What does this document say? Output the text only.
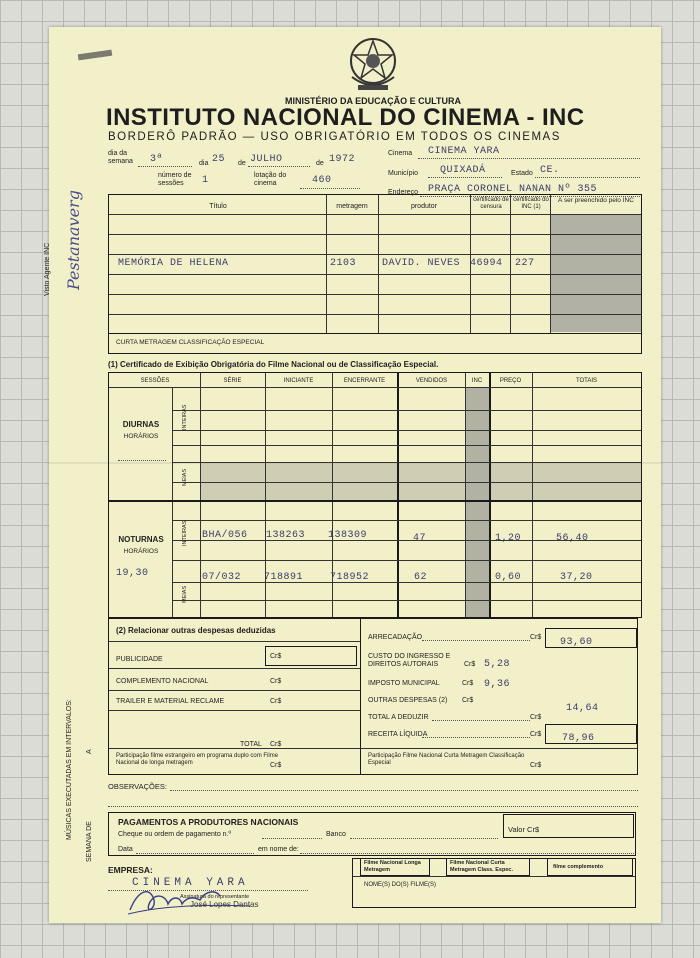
MINISTÉRIO DA EDUCAÇÃO E CULTURA
INSTITUTO NACIONAL DO CINEMA - INC
BORDERÔ PADRÃO — USO OBRIGATÓRIO EM TODOS OS CINEMAS
dia da semana	3ª	dia 25 de JULHO	de 1972
número de sessões	1	lotação do cinema	460
Cinema CINEMA YARA
Município QUIXADÁ	Estado CE.
Endereço PRAÇA CORONEL NANAN Nº 355
Visto Agente INC Pestanaverg
MÚSICAS EXECUTADAS EM INTERVALOS:
SEMANA DE
A
Título	metragem	produtor
certificado de censura
certificado do INC (1)
A ser preenchido pelo INC
MEMÓRIA DE HELENA	2103	DAVID. NEVES 46994 227
CURTA METRAGEM CLASSIFICAÇÃO ESPECIAL
(1) Certificado de Exibição Obrigatória do Filme Nacional ou de Classificação Especial.
SESSÕES	SÉRIE	INICIANTE	ENCERRANTE	VENDIDOS	INC	PREÇO	TOTAIS
DIURNAS
HORÁRIOS
INTEIRAS
MEIAS
NOTURNAS
HORÁRIOS
19,30
INTEIRAS
MEIAS
BHA/056 138263 138309	47	1,20	56,40
07/032 718891	718952	62	0,60	37,20
(2) Relacionar outras despesas deduzidas
PUBLICIDADE	Cr$
COMPLEMENTO NACIONAL	Cr$
TRAILER E MATERIAL RECLAME	Cr$
TOTAL Cr$
ARRECADAÇÃO	Cr$ 93,60
CUSTO DO INGRESSO E DIREITOS AUTORAIS	Cr$ 5,28
IMPOSTO MUNICIPAL	Cr$ 9,36
OUTRAS DESPESAS (2) Cr$
TOTAL A DEDUZIR	Cr$
14,64
RECEITA LÍQUIDA	Cr$ 78,96
Participação filme estrangeiro em programa duplo com Filme Nacional de longa metragem	Cr$
Participação Filme Nacional Curta Metragem Classificação Especial	Cr$
OBSERVAÇÕES:
PAGAMENTOS A PRODUTORES NACIONAIS
Cheque ou ordem de pagamento n.º	Banco
Valor Cr$
Data	em nome de:
Filme Nacional Longa Metragem
Filme Nacional Curta Metragem Class. Espec.	filme complemento
NOME(S) DO(S) FILME(S)
EMPRESA:
CINEMA YARA
Assinatura do representante
José Lopes Dantas
